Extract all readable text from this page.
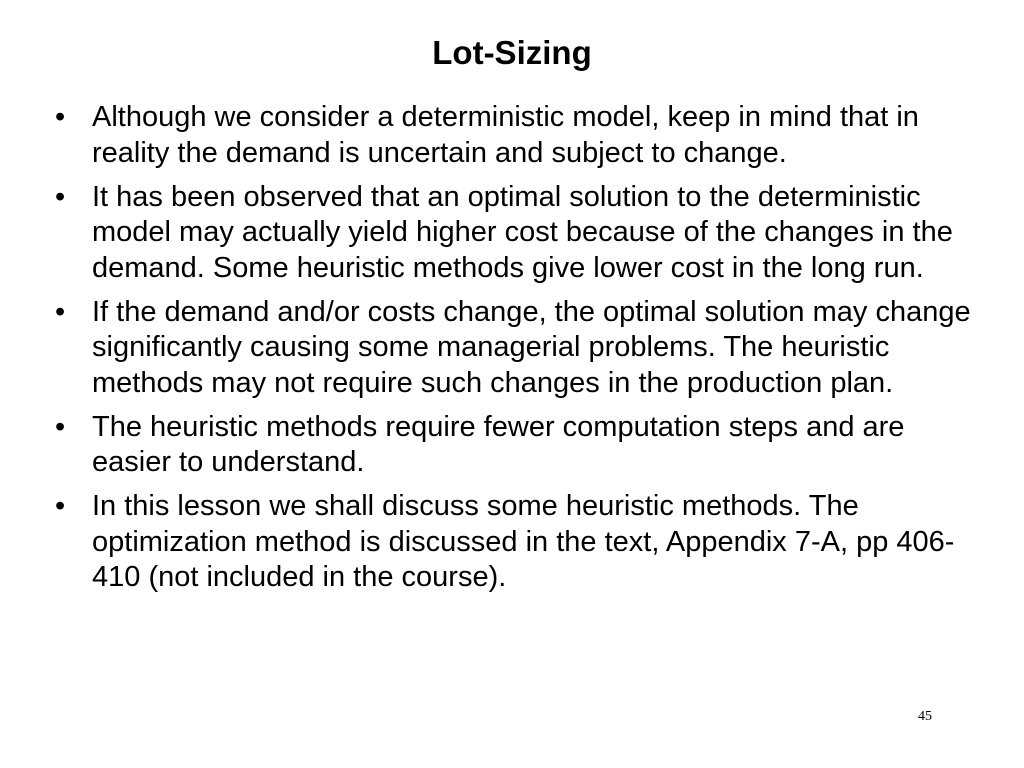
Lot-Sizing
• Although we consider a deterministic model, keep in mind that in reality the demand is uncertain and subject to change.
• It has been observed that an optimal solution to the deterministic model may actually yield higher cost because of the changes in the demand. Some heuristic methods give lower cost in the long run.
• If the demand and/or costs change, the optimal solution may change significantly causing some managerial problems. The heuristic methods may not require such changes in the production plan.
• The heuristic methods require fewer computation steps and are easier to understand.
• In this lesson we shall discuss some heuristic methods. The optimization method is discussed in the text, Appendix 7-A, pp 406-410 (not included in the course).
45
